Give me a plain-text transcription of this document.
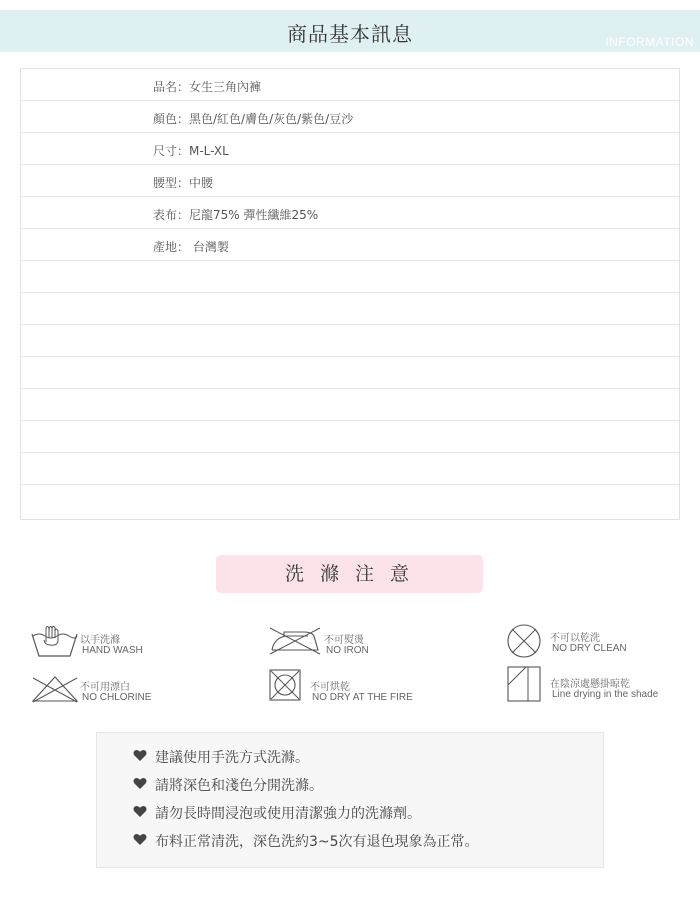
商品基本訊息	INFORMATION
品名：女生三角內褲
顏色：黑色/紅色/膚色/灰色/紫色/豆沙
尺寸：M-L-XL
腰型：中腰
表布：尼龍75% 彈性纖維25%
產地： 台灣製
洗 滌 注 意
以手洗滌
HAND WASH
不可熨燙
NO IRON
不可以乾洗
NO DRY CLEAN
不可用漂白
NO CHLORINE
不可烘乾
NO DRY AT THE FIRE
在陰涼處懸掛晾乾
Line drying in the shade
建議使用手洗方式洗滌。
請將深色和淺色分開洗滌。
請勿長時間浸泡或使用清潔強力的洗滌劑。
布料正常清洗，深色洗約3~5次有退色現象為正常。
